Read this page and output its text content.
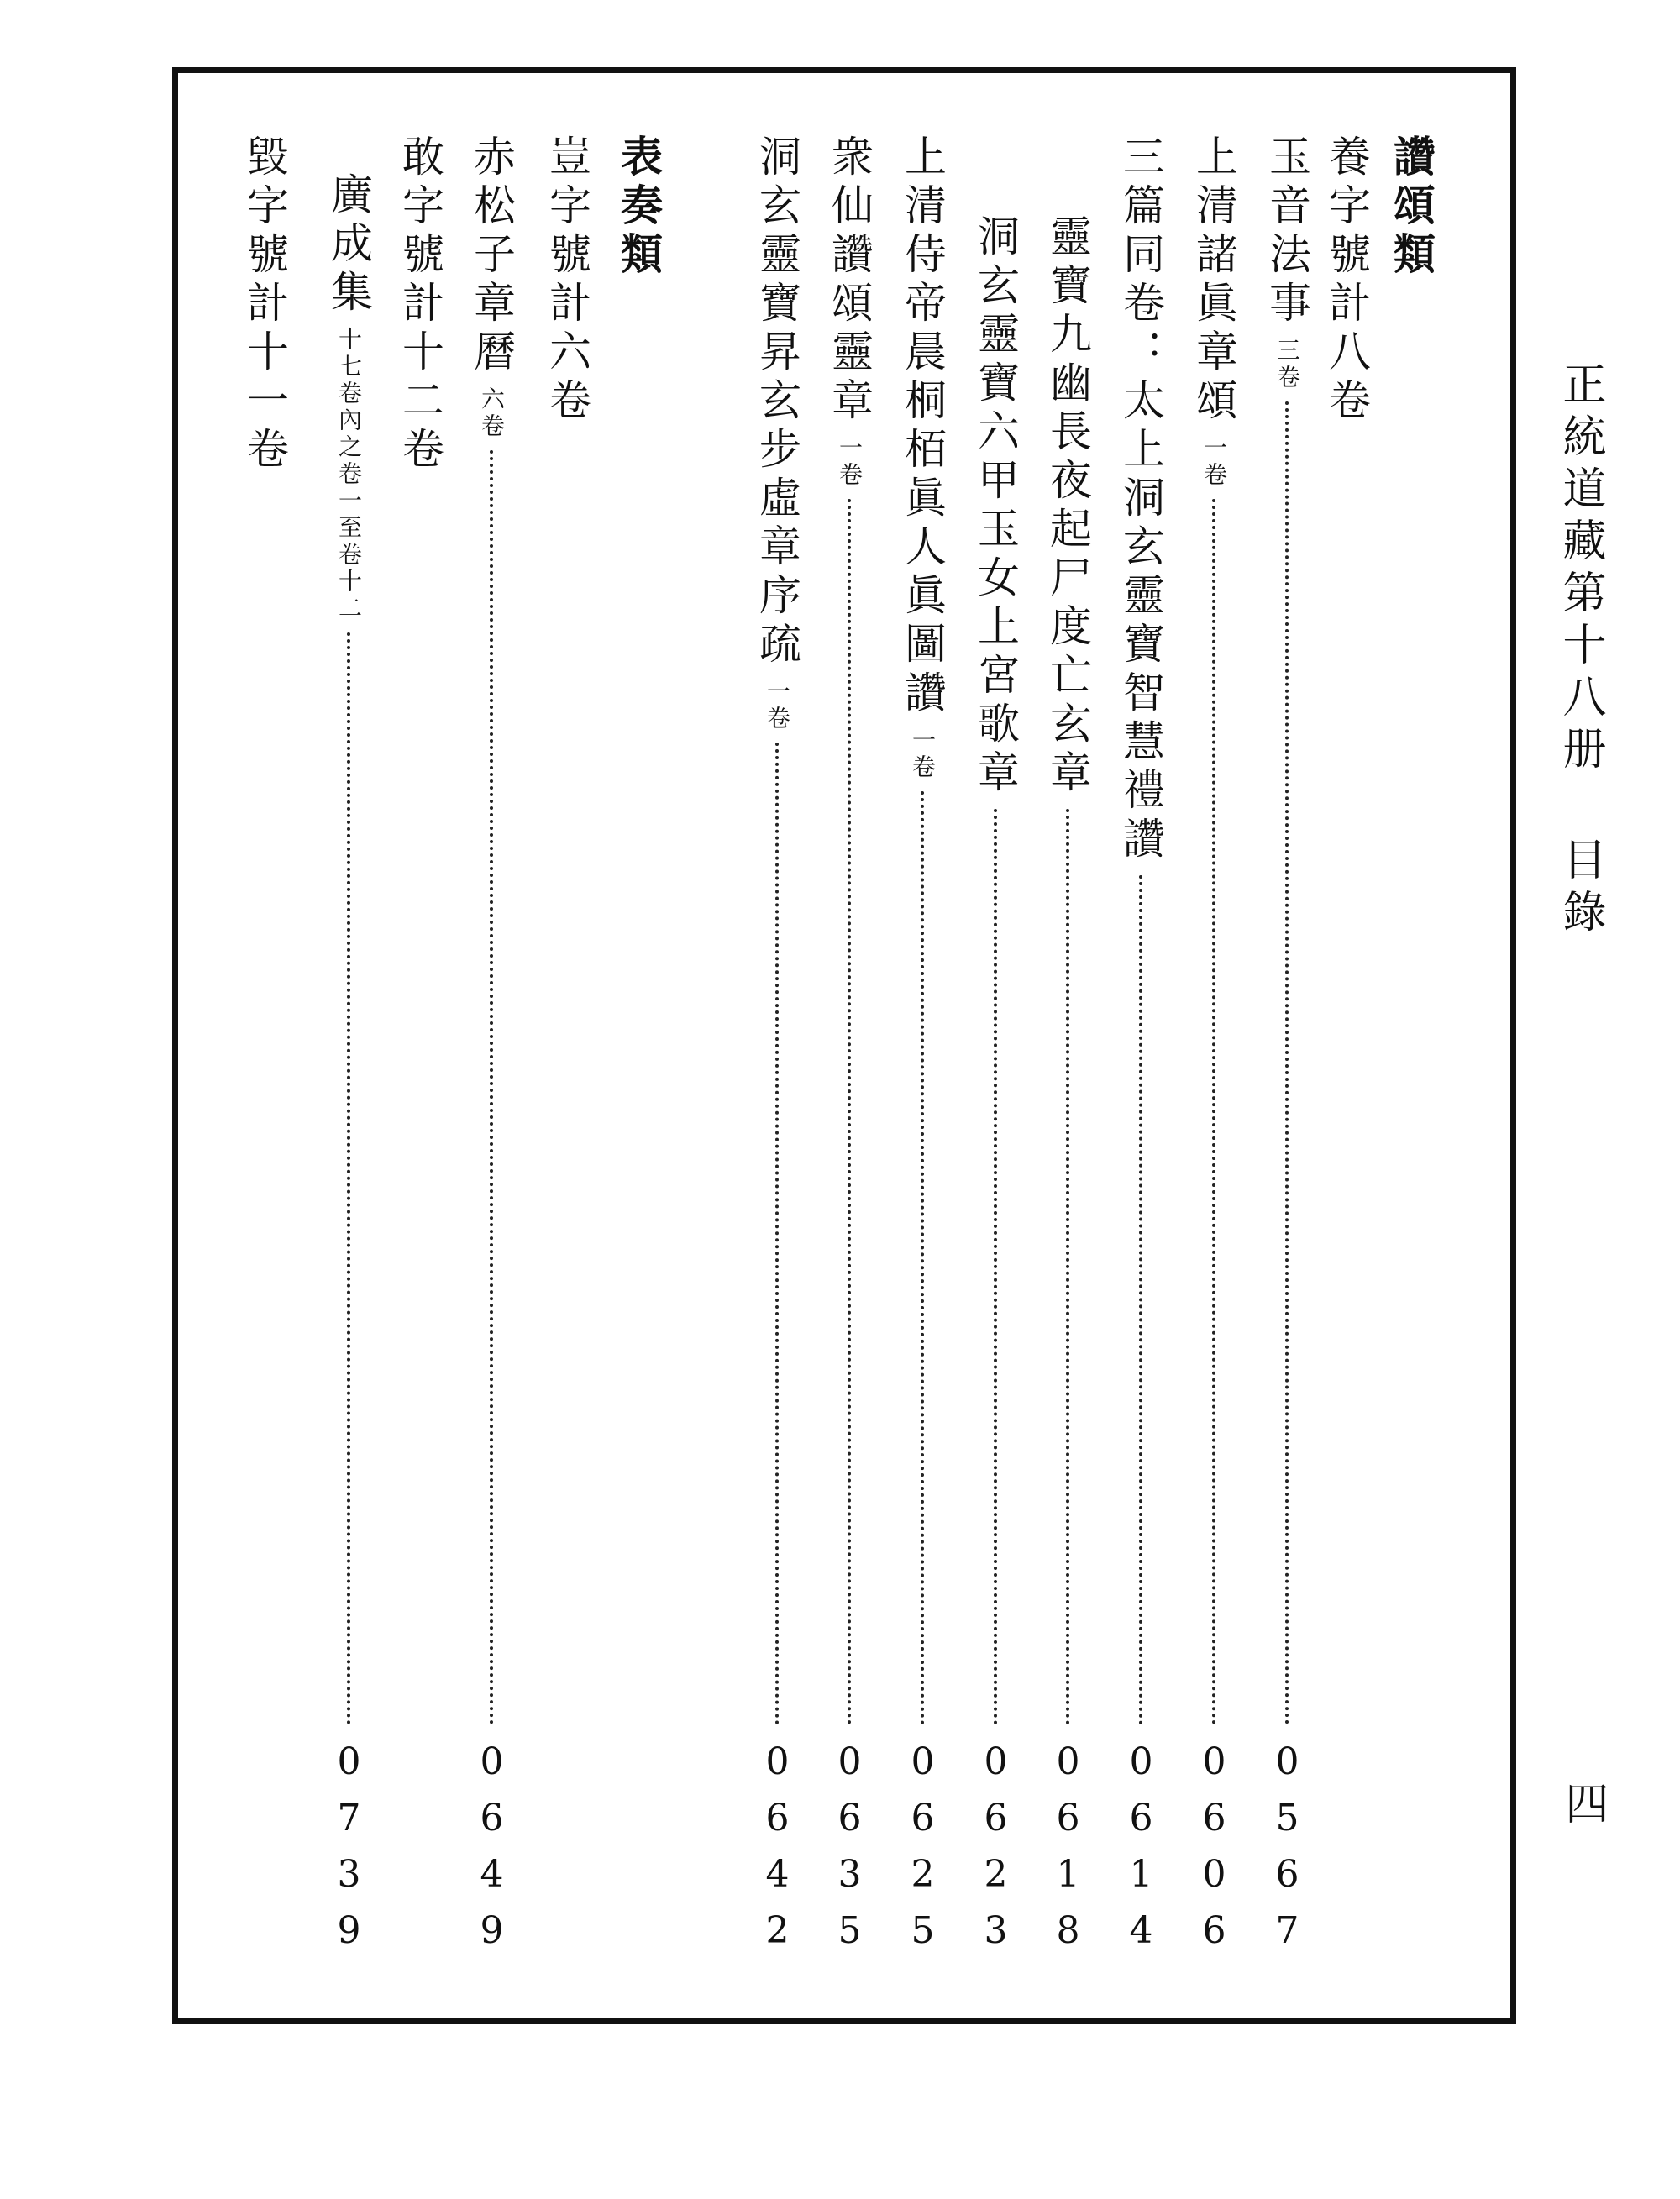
正統道藏第十八册目錄
四
讚頌類
養字號計八卷
玉音法事
三卷
0567
上清諸眞章頌
一卷
0606
三篇同卷：太上洞玄靈寶智慧禮讚
0614
靈寶九幽長夜起尸度亡玄章
0618
洞玄靈寶六甲玉女上宮歌章
0623
上清侍帝晨桐栢眞人眞圖讚
一卷
0625
衆仙讚頌靈章
一卷
0635
洞玄靈寶昇玄步虛章序疏
一卷
0642
表奏類
豈字號計六卷
赤松子章曆
六卷
0649
敢字號計十二卷
廣成集
十七卷內之卷一至卷十二
0739
毀字號計十一卷
